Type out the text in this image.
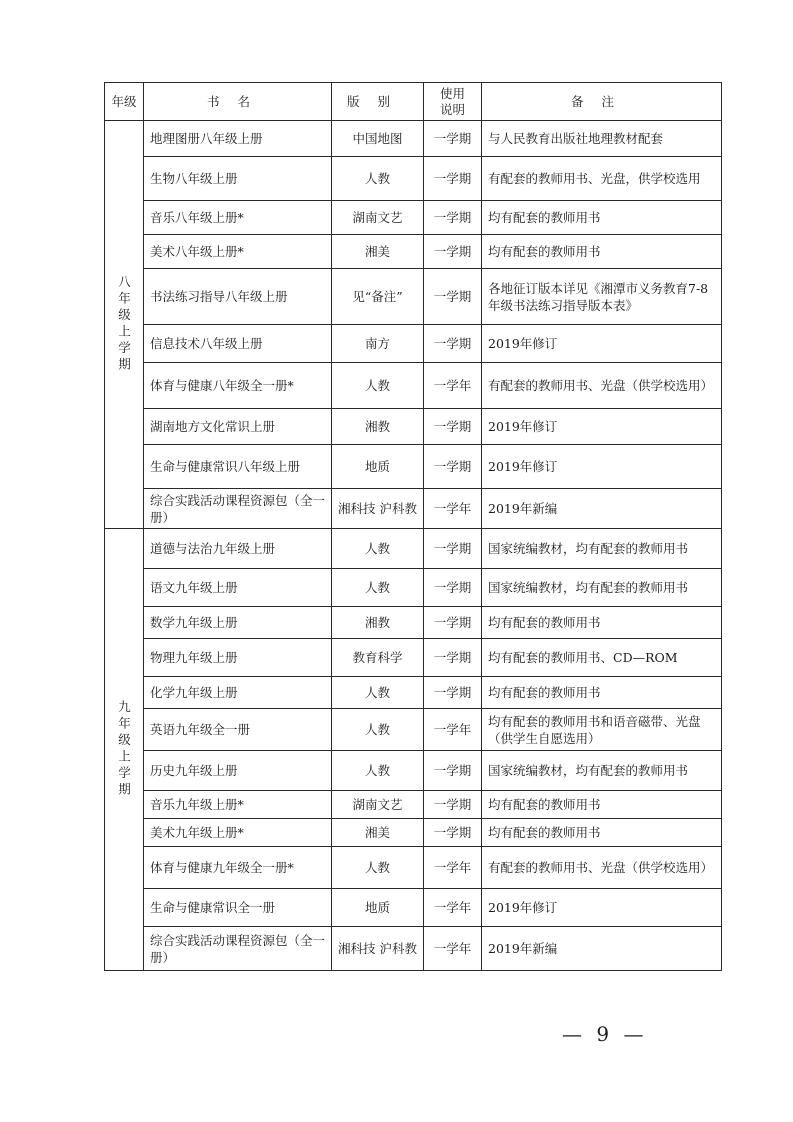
年级	书名	版别	使用说明	备注

八年级上学期	地理图册八年级上册	中国地图	一学期	与人民教育出版社地理教材配套
	生物八年级上册	人教	一学期	有配套的教师用书、光盘，供学校选用
	音乐八年级上册*	湖南文艺	一学期	均有配套的教师用书
	美术八年级上册*	湘美	一学期	均有配套的教师用书
	书法练习指导八年级上册	见“备注”	一学期	各地征订版本详见《湘潭市义务教育7-8年级书法练习指导版本表》
	信息技术八年级上册	南方	一学期	2019年修订
	体育与健康八年级全一册*	人教	一学年	有配套的教师用书、光盘（供学校选用）
	湖南地方文化常识上册	湘教	一学期	2019年修订
	生命与健康常识八年级上册	地质	一学期	2019年修订
	综合实践活动课程资源包（全一册）	湘科技 沪科教	一学年	2019年新编

九年级上学期	道德与法治九年级上册	人教	一学期	国家统编教材，均有配套的教师用书
	语文九年级上册	人教	一学期	国家统编教材，均有配套的教师用书
	数学九年级上册	湘教	一学期	均有配套的教师用书
	物理九年级上册	教育科学	一学期	均有配套的教师用书、CD—ROM
	化学九年级上册	人教	一学期	均有配套的教师用书
	英语九年级全一册	人教	一学年	均有配套的教师用书和语音磁带、光盘（供学生自愿选用）
	历史九年级上册	人教	一学期	国家统编教材，均有配套的教师用书
	音乐九年级上册*	湖南文艺	一学期	均有配套的教师用书
	美术九年级上册*	湘美	一学期	均有配套的教师用书
	体育与健康九年级全一册*	人教	一学年	有配套的教师用书、光盘（供学校选用）
	生命与健康常识全一册	地质	一学年	2019年修订
	综合实践活动课程资源包（全一册）	湘科技 沪科教	一学年	2019年新编
— 9 —
